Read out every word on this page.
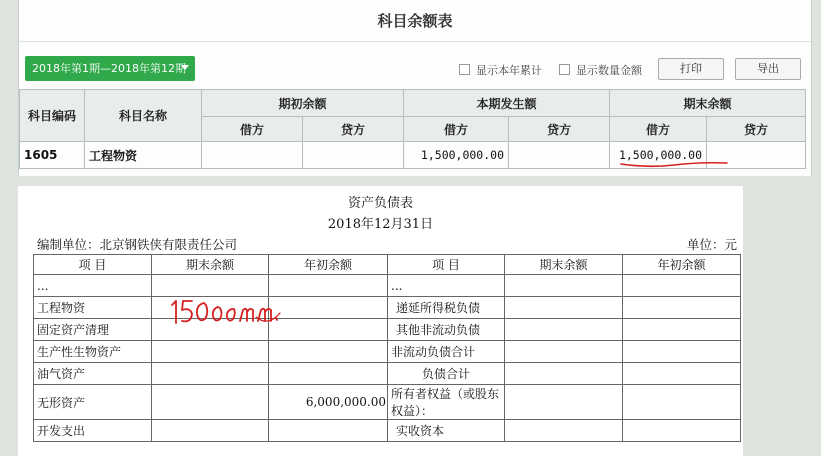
科目余额表
2018年第1期—2018年第12期	显示本年累计	显示数量金额	打印	导出
科目编码	科目名称	期初余额		本期发生额		期末余额	
		借方	贷方	借方	贷方	借方	贷方
1605	工程物资			1,500,000.00		1,500,000.00	
资产负债表
2018年12月31日
编制单位：北京钢铁侠有限责任公司	单位：元
项 目	期末余额	年初余额	项 目	期末余额	年初余额
...			...		
工程物资			递延所得税负债		
固定资产清理			其他非流动负债		
生产性生物资产			非流动负债合计		
油气资产			负债合计		
无形资产		6,000,000.00	所有者权益（或股东权益）：		
开发支出			实收资本		
